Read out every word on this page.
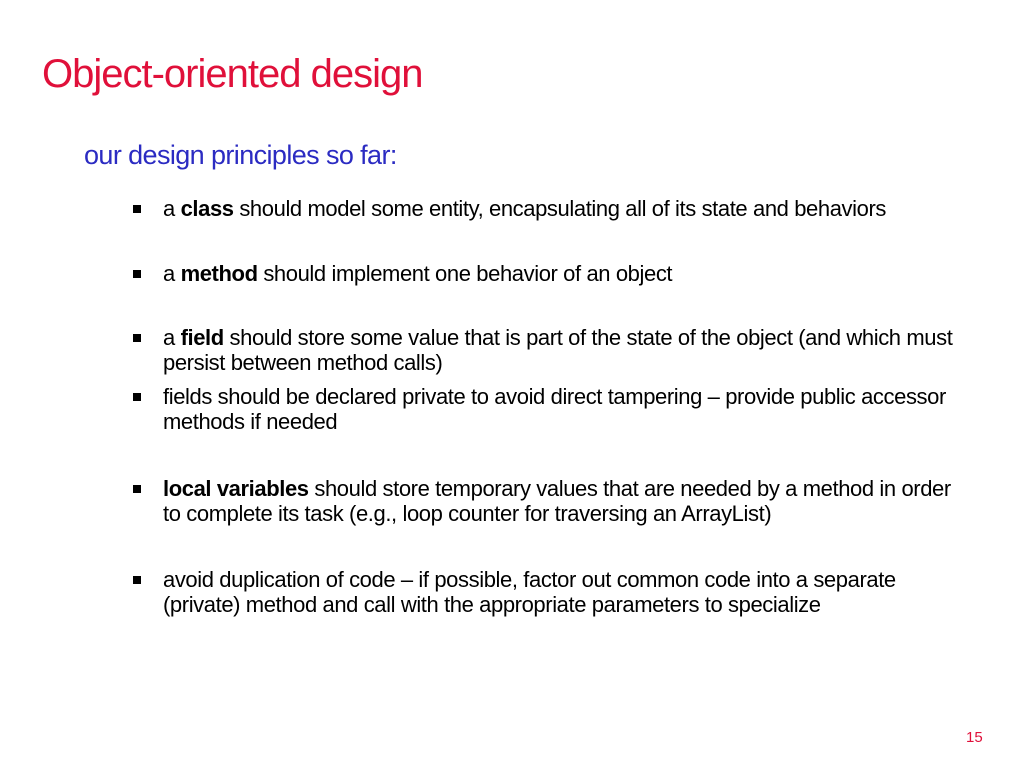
Object-oriented design
our design principles so far:
a class should model some entity, encapsulating all of its state and behaviors
a method should implement one behavior of an object
a field should store some value that is part of the state of the object (and which must persist between method calls)
fields should be declared private to avoid direct tampering – provide public accessor methods if needed
local variables should store temporary values that are needed by a method in order to complete its task (e.g., loop counter for traversing an ArrayList)
avoid duplication of code – if possible, factor out common code into a separate (private) method and call with the appropriate parameters to specialize
15
